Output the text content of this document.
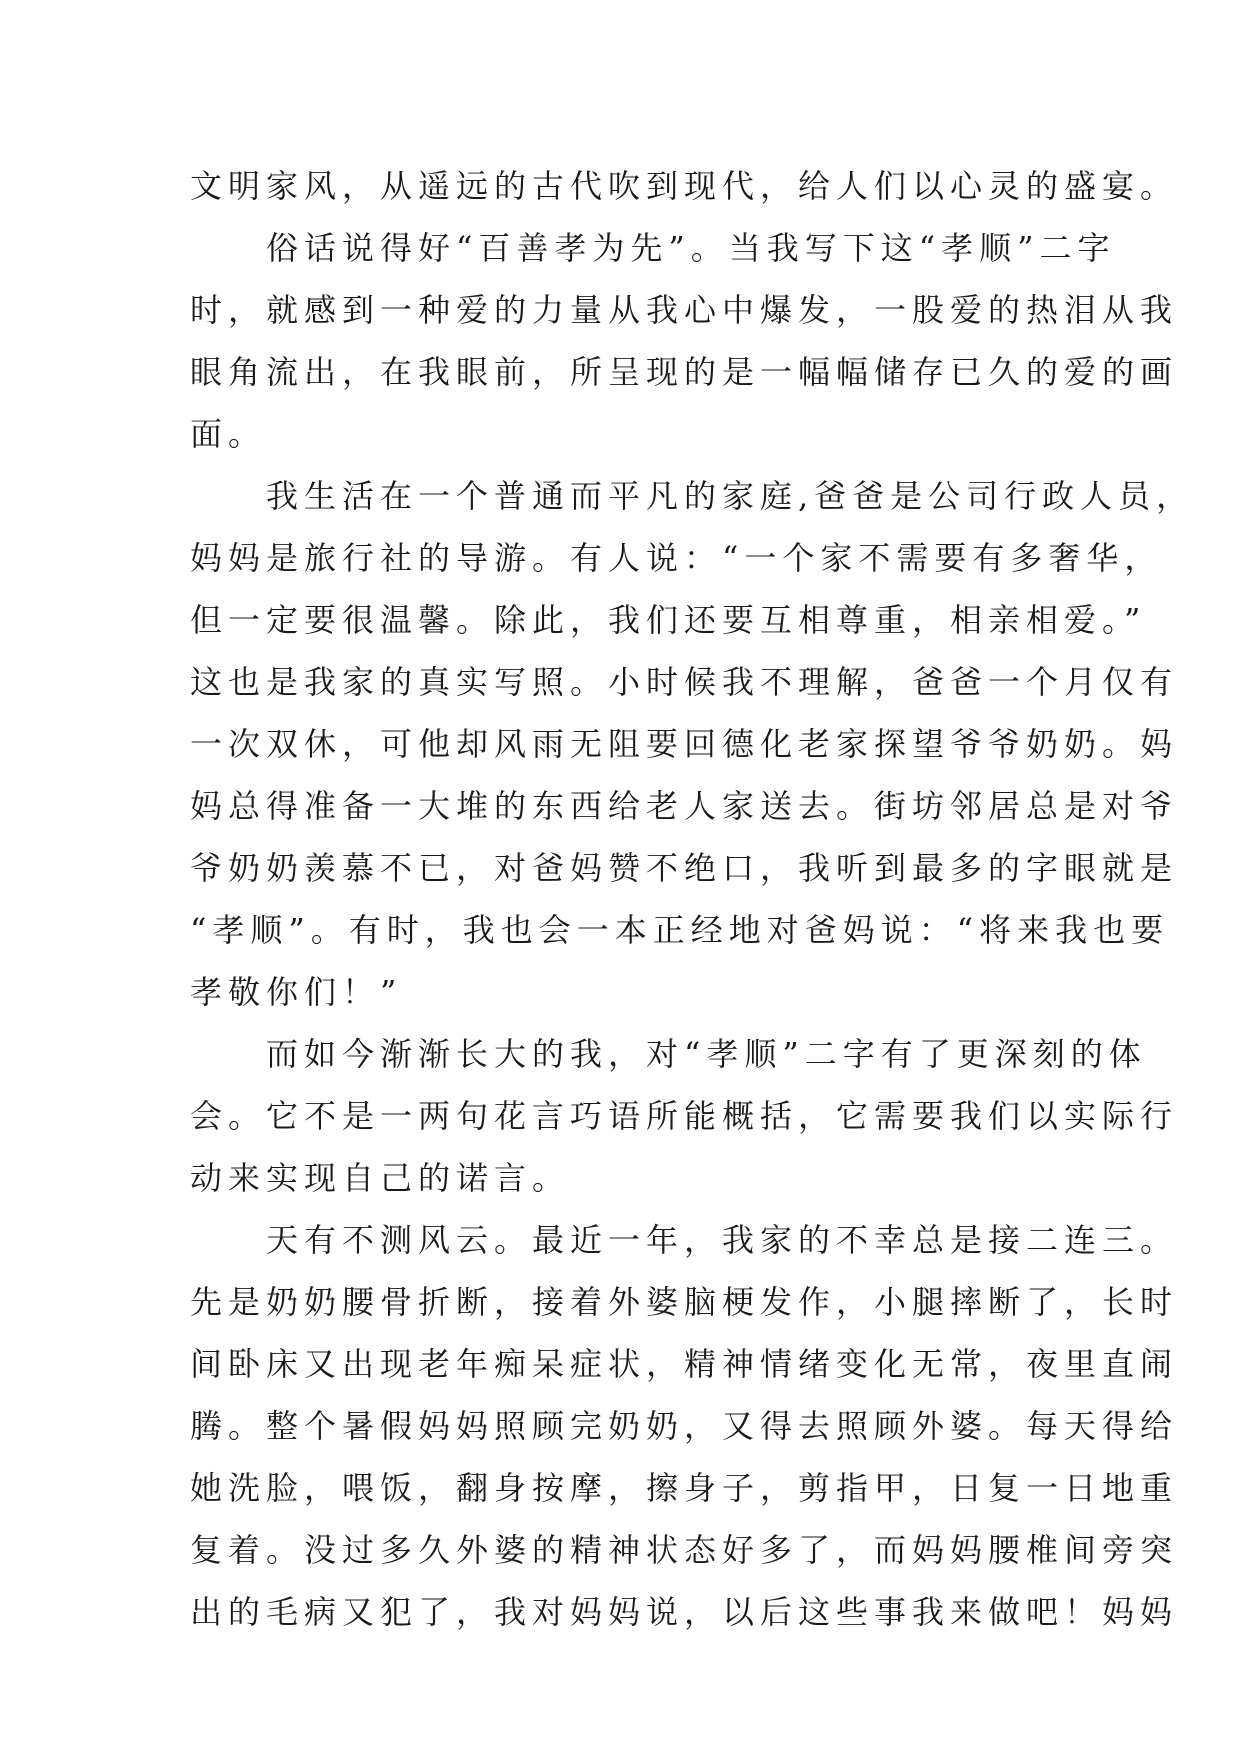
文明家风，从遥远的古代吹到现代，给人们以心灵的盛宴。

　　俗话说得好“百善孝为先”。当我写下这“孝顺”二字

时，就感到一种爱的力量从我心中爆发，一股爱的热泪从我

眼角流出，在我眼前，所呈现的是一幅幅储存已久的爱的画

面。

　　我生活在一个普通而平凡的家庭,爸爸是公司行政人员，

妈妈是旅行社的导游。有人说：“一个家不需要有多奢华，

但一定要很温馨。除此，我们还要互相尊重，相亲相爱。”

这也是我家的真实写照。小时候我不理解，爸爸一个月仅有

一次双休，可他却风雨无阻要回德化老家探望爷爷奶奶。妈

妈总得准备一大堆的东西给老人家送去。街坊邻居总是对爷

爷奶奶羡慕不已，对爸妈赞不绝口，我听到最多的字眼就是

“孝顺”。有时，我也会一本正经地对爸妈说：“将来我也要

孝敬你们！”

　　而如今渐渐长大的我，对“孝顺”二字有了更深刻的体

会。它不是一两句花言巧语所能概括，它需要我们以实际行

动来实现自己的诺言。

　　天有不测风云。最近一年，我家的不幸总是接二连三。

先是奶奶腰骨折断，接着外婆脑梗发作，小腿摔断了，长时

间卧床又出现老年痴呆症状，精神情绪变化无常，夜里直闹

腾。整个暑假妈妈照顾完奶奶，又得去照顾外婆。每天得给

她洗脸，喂饭，翻身按摩，擦身子，剪指甲，日复一日地重

复着。没过多久外婆的精神状态好多了，而妈妈腰椎间旁突

出的毛病又犯了，我对妈妈说，以后这些事我来做吧！妈妈
